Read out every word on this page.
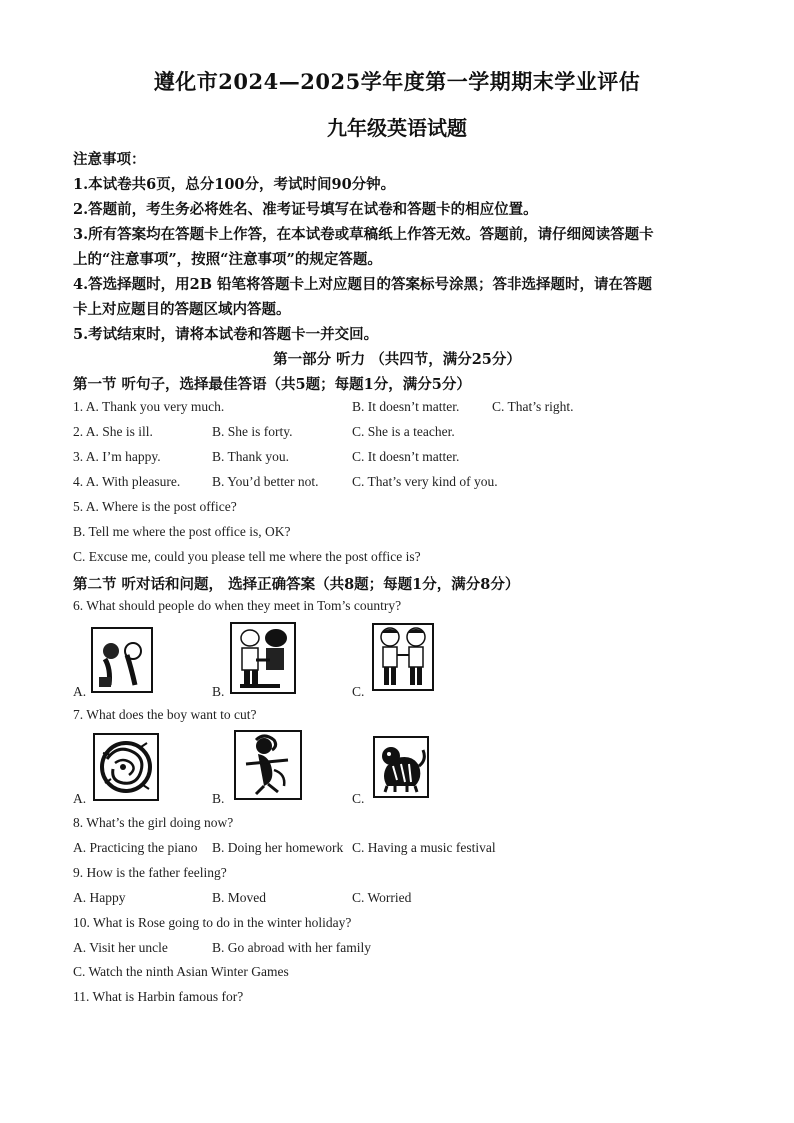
遵化市2024—2025学年度第一学期期末学业评估
九年级英语试题
注意事项：
1.本试卷共6页，总分100分，考试时间90分钟。
2.答题前，考生务必将姓名、准考证号填写在试卷和答题卡的相应位置。
3.所有答案均在答题卡上作答，在本试卷或草稿纸上作答无效。答题前，请仔细阅读答题卡
上的“注意事项”，按照“注意事项”的规定答题。
4.答选择题时，用2B 铅笔将答题卡上对应题目的答案标号涂黑；答非选择题时，请在答题
卡上对应题目的答题区域内答题。
5.考试结束时，请将本试卷和答题卡一并交回。
第一部分 听力 （共四节，满分25分）
第一节 听句子，选择最佳答语（共5题；每题1分，满分5分）
1. A. Thank you very much.	B. It doesn’t matter. C. That’s right.
2. A. She is ill.	B. She is forty.	C. She is a teacher.
3. A. I’m happy.	B. Thank you.	C. It doesn’t matter.
4. A. With pleasure. B. You’d better not. C. That’s very kind of you.
5. A. Where is the post office?
B. Tell me where the post office is, OK?
C. Excuse me, could you please tell me where the post office is?
第二节 听对话和问题， 选择正确答案（共8题；每题1分，满分8分）
6. What should people do when they meet in Tom’s country?
A.	B.	C.
7. What does the boy want to cut?
A.	B.	C.
8. What’s the girl doing now?
A. Practicing the piano B. Doing her homework C. Having a music festival
9. How is the father feeling?
A. Happy	B. Moved	C. Worried
10. What is Rose going to do in the winter holiday?
A. Visit her uncle	B. Go abroad with her family
C. Watch the ninth Asian Winter Games
11. What is Harbin famous for?
